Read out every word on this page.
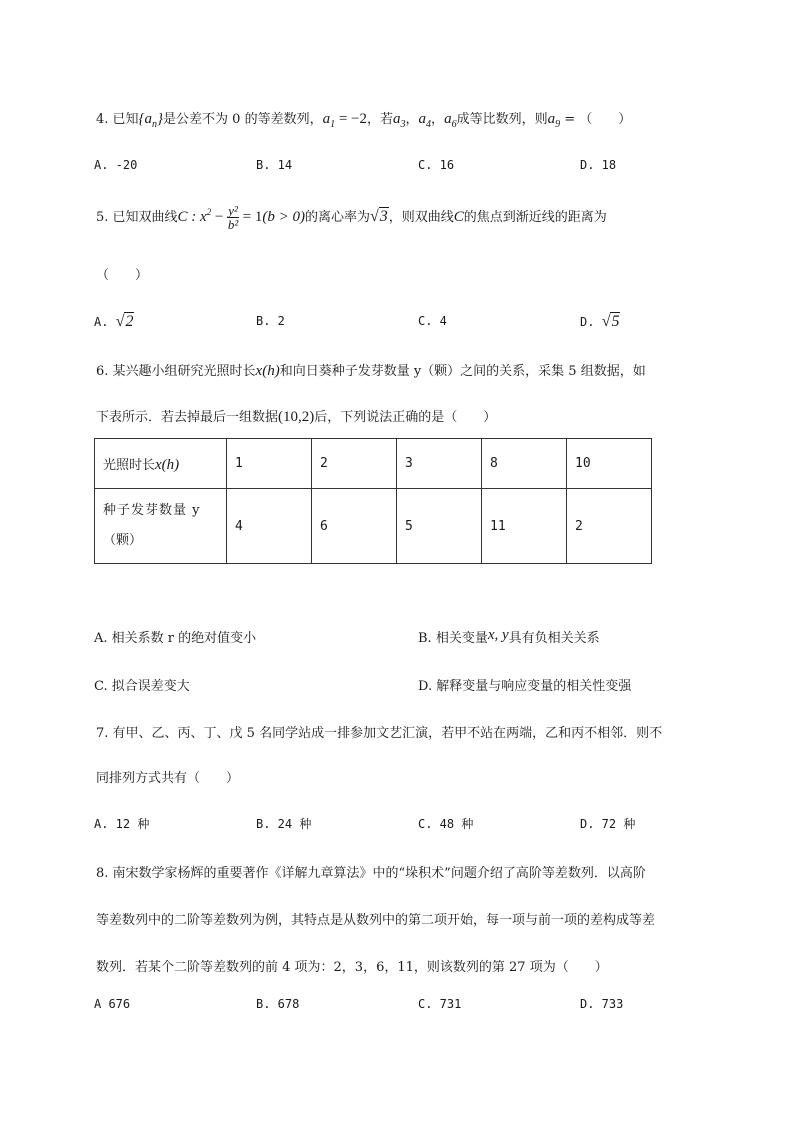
4. 已知$\{a_n\}$是公差不为 0 的等差数列，$a_1 = -2$，若$a_3$，$a_4$，$a_6$成等比数列，则$a_9$ = （　　）
A. -20	B. 14	C. 16	D. 18
5. 已知双曲线C : $x^2 - \frac{\text{y²}}{\text{b²}} = 1(b > 0)$的离心率为√3，则双曲线C的焦点到渐近线的距离为
（　　）
A. √2	B. 2	C. 4	D. √5
6. 某兴趣小组研究光照时长x(h)和向日葵种子发芽数量 y（颗）之间的关系，采集 5 组数据，如
下表所示．若去掉最后一组数据(10,2)后，下列说法正确的是（　　）
光照时长x(h)	1	2	3	8	10
种子发芽数量 y
（颗）	4	6	5	11	2
A. 相关系数 r 的绝对值变小	B. 相关变量x, y具有负相关关系
C. 拟合误差变大	D. 解释变量与响应变量的相关性变强
7. 有甲、乙、丙、丁、戊 5 名同学站成一排参加文艺汇演，若甲不站在两端，乙和丙不相邻．则不
同排列方式共有（　　）
A. 12 种	B. 24 种	C. 48 种	D. 72 种
8. 南宋数学家杨辉的重要著作《详解九章算法》中的“垛积术”问题介绍了高阶等差数列．以高阶
等差数列中的二阶等差数列为例，其特点是从数列中的第二项开始，每一项与前一项的差构成等差
数列．若某个二阶等差数列的前 4 项为：2，3，6，11，则该数列的第 27 项为（　　）
A 676	B. 678	C. 731	D. 733
